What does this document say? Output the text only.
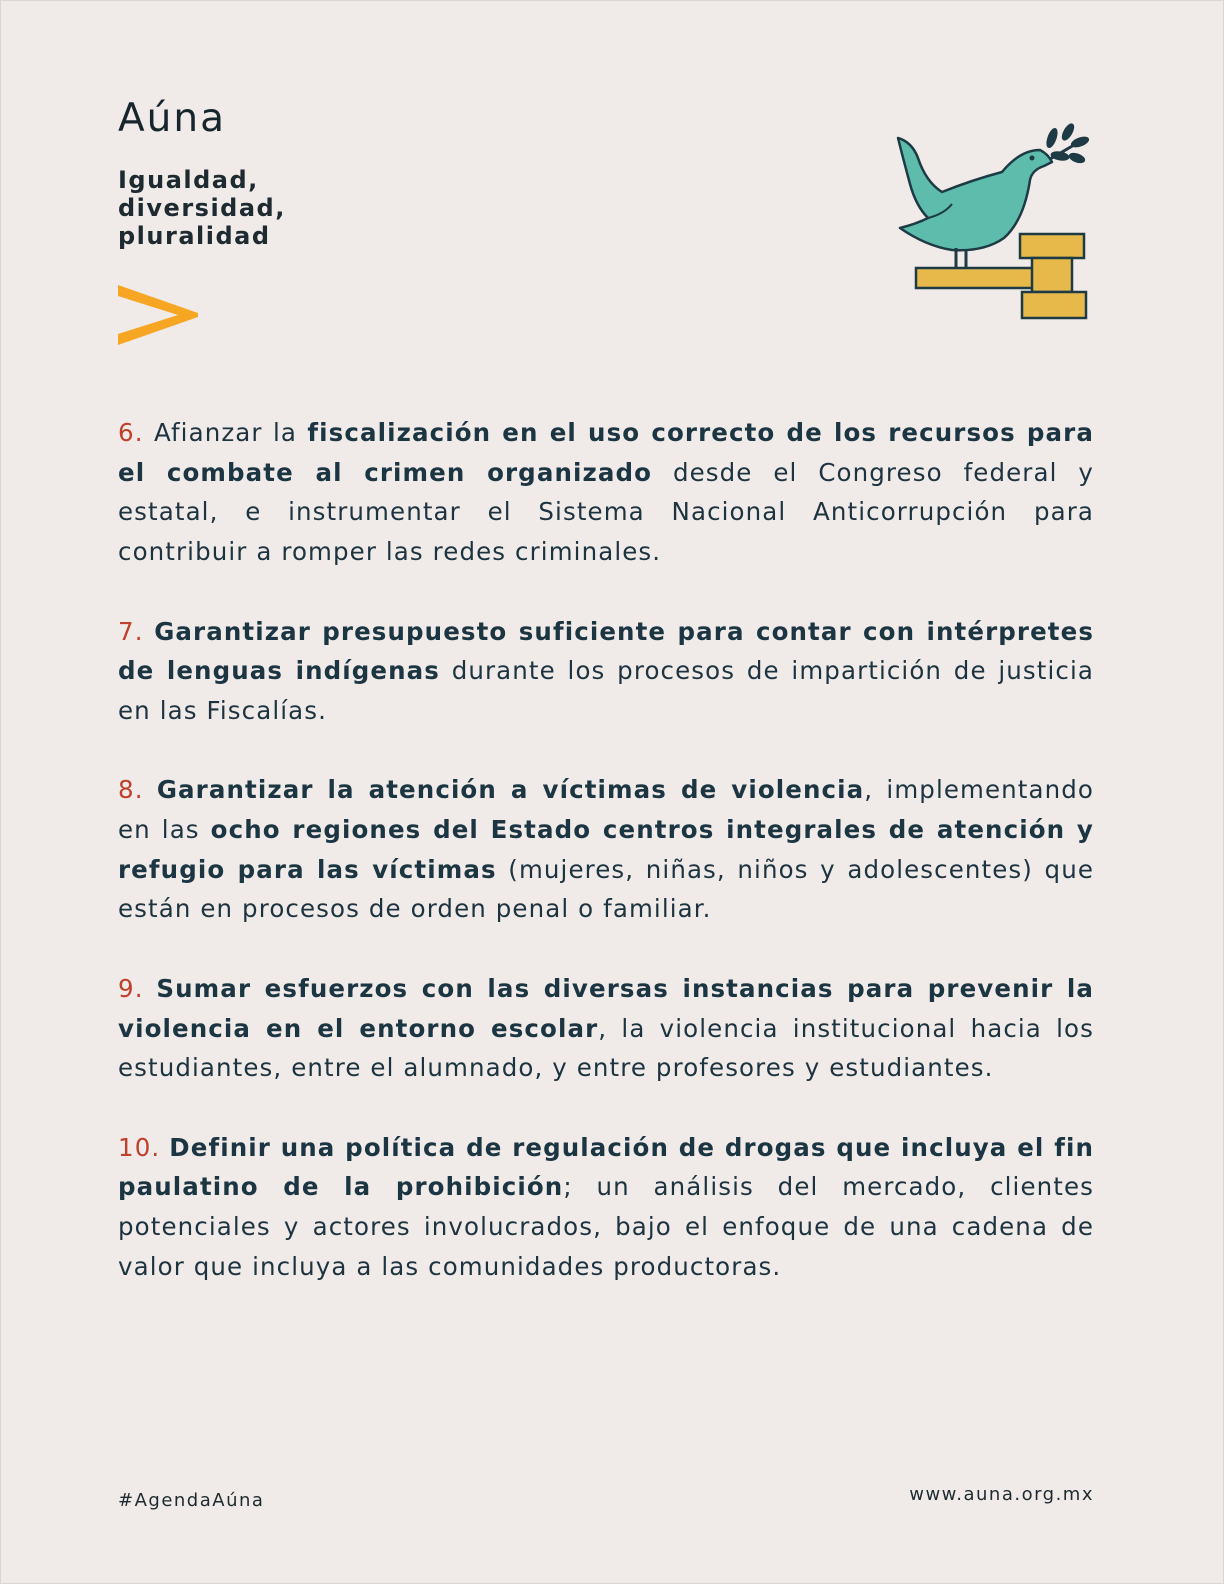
Aúna
Igualdad,
diversidad,
pluralidad

6. Afianzar la fiscalización en el uso correcto de los recursos para el combate al crimen organizado desde el Congreso federal y estatal, e instrumentar el Sistema Nacional Anticorrupción para contribuir a romper las redes criminales.

7. Garantizar presupuesto suficiente para contar con intérpretes de lenguas indígenas durante los procesos de impartición de justicia en las Fiscalías.

8. Garantizar la atención a víctimas de violencia, implementando en las ocho regiones del Estado centros integrales de atención y refugio para las víctimas (mujeres, niñas, niños y adolescentes) que están en procesos de orden penal o familiar.

9. Sumar esfuerzos con las diversas instancias para prevenir la violencia en el entorno escolar, la violencia institucional hacia los estudiantes, entre el alumnado, y entre profesores y estudiantes.

10. Definir una política de regulación de drogas que incluya el fin paulatino de la prohibición; un análisis del mercado, clientes potenciales y actores involucrados, bajo el enfoque de una cadena de valor que incluya a las comunidades productoras.

#AgendaAúna	www.auna.org.mx
